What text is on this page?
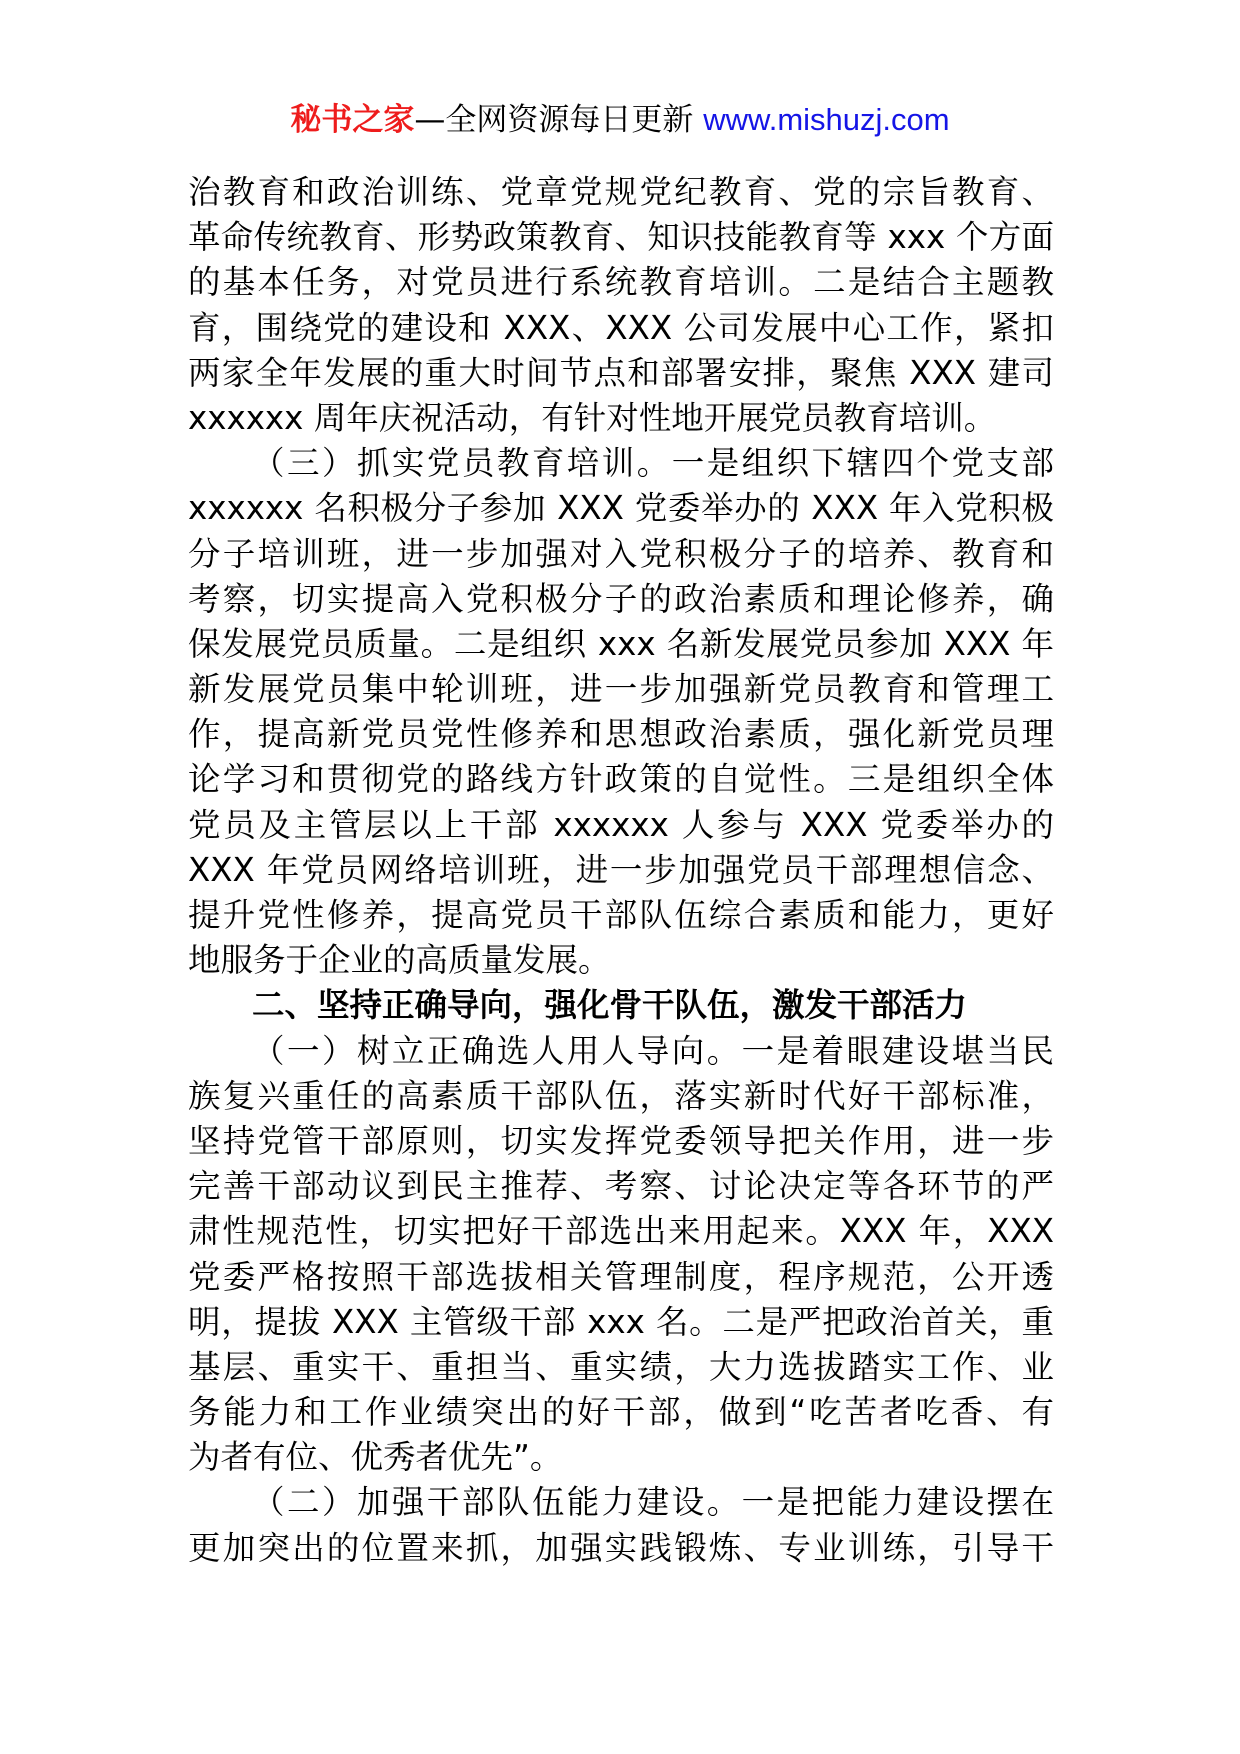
秘书之家—全网资源每日更新 www.mishuzj.com
治教育和政治训练、党章党规党纪教育、党的宗旨教育、
革命传统教育、形势政策教育、知识技能教育等 xxx 个方面
的基本任务，对党员进行系统教育培训。二是结合主题教
育，围绕党的建设和 XXX、XXX 公司发展中心工作，紧扣
两家全年发展的重大时间节点和部署安排，聚焦 XXX 建司
xxxxxx 周年庆祝活动，有针对性地开展党员教育培训。
（三）抓实党员教育培训。一是组织下辖四个党支部
xxxxxx 名积极分子参加 XXX 党委举办的 XXX 年入党积极
分子培训班，进一步加强对入党积极分子的培养、教育和
考察，切实提高入党积极分子的政治素质和理论修养，确
保发展党员质量。二是组织 xxx 名新发展党员参加 XXX 年
新发展党员集中轮训班，进一步加强新党员教育和管理工
作，提高新党员党性修养和思想政治素质，强化新党员理
论学习和贯彻党的路线方针政策的自觉性。三是组织全体
党员及主管层以上干部 xxxxxx 人参与 XXX 党委举办的
XXX 年党员网络培训班，进一步加强党员干部理想信念、
提升党性修养，提高党员干部队伍综合素质和能力，更好
地服务于企业的高质量发展。
二、坚持正确导向，强化骨干队伍，激发干部活力
（一）树立正确选人用人导向。一是着眼建设堪当民
族复兴重任的高素质干部队伍，落实新时代好干部标准，
坚持党管干部原则，切实发挥党委领导把关作用，进一步
完善干部动议到民主推荐、考察、讨论决定等各环节的严
肃性规范性，切实把好干部选出来用起来。XXX 年，XXX
党委严格按照干部选拔相关管理制度，程序规范，公开透
明，提拔 XXX 主管级干部 xxx 名。二是严把政治首关，重
基层、重实干、重担当、重实绩，大力选拔踏实工作、业
务能力和工作业绩突出的好干部，做到“吃苦者吃香、有
为者有位、优秀者优先”。
（二）加强干部队伍能力建设。一是把能力建设摆在
更加突出的位置来抓，加强实践锻炼、专业训练，引导干
